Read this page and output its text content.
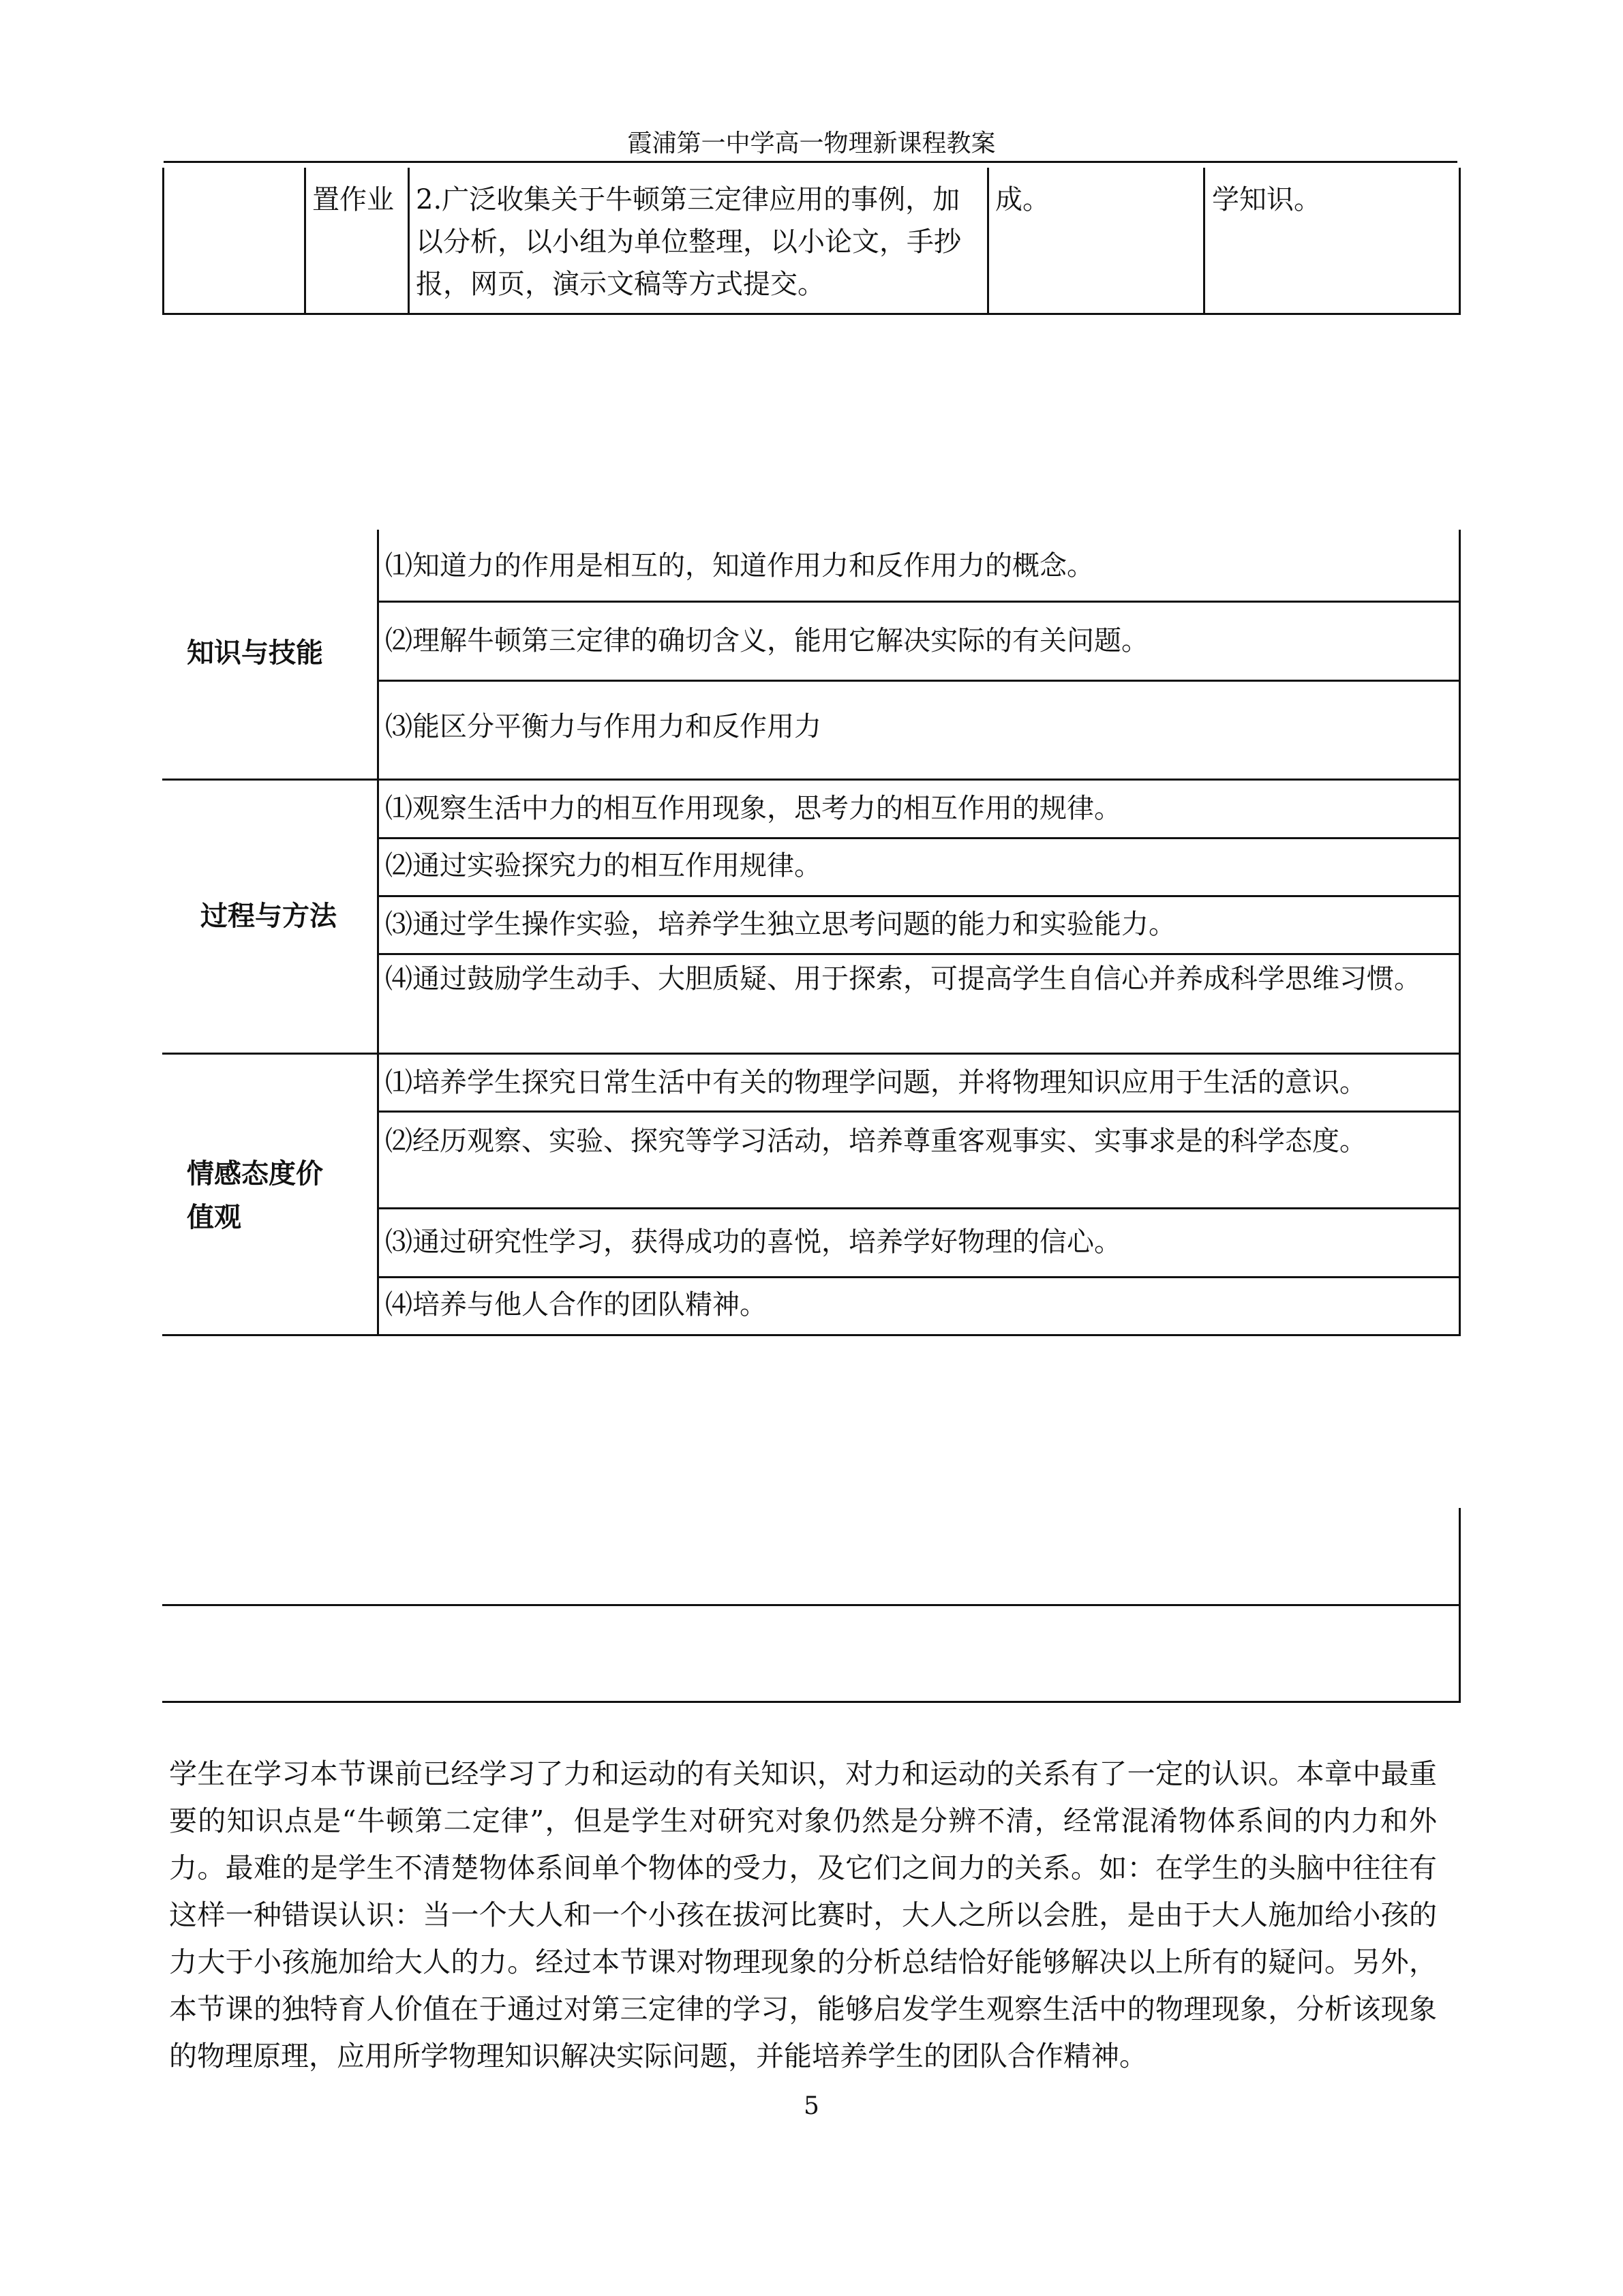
霞浦第一中学高一物理新课程教案
置作业 2.广泛收集关于牛顿第三定律应用的事例，加以分析，以小组为单位整理，以小论文，手抄报，网页，演示文稿等方式提交。
成。	学知识。
知识与技能
过程与方法
情感态度价值观
⑴知道力的作用是相互的，知道作用力和反作用力的概念。
⑵理解牛顿第三定律的确切含义，能用它解决实际的有关问题。
⑶能区分平衡力与作用力和反作用力
⑴观察生活中力的相互作用现象，思考力的相互作用的规律。
⑵通过实验探究力的相互作用规律。
⑶通过学生操作实验，培养学生独立思考问题的能力和实验能力。
⑷通过鼓励学生动手、大胆质疑、用于探索，可提高学生自信心并养成科学思维习惯。
⑴培养学生探究日常生活中有关的物理学问题，并将物理知识应用于生活的意识。
⑵经历观察、实验、探究等学习活动，培养尊重客观事实、实事求是的科学态度。
⑶通过研究性学习，获得成功的喜悦，培养学好物理的信心。
⑷培养与他人合作的团队精神。
学生在学习本节课前已经学习了力和运动的有关知识，对力和运动的关系有了一定的认识。本章中最重要的知识点是“牛顿第二定律”，但是学生对研究对象仍然是分辨不清，经常混淆物体系间的内力和外力。最难的是学生不清楚物体系间单个物体的受力，及它们之间力的关系。如：在学生的头脑中往往有这样一种错误认识：当一个大人和一个小孩在拔河比赛时，大人之所以会胜，是由于大人施加给小孩的力大于小孩施加给大人的力。经过本节课对物理现象的分析总结恰好能够解决以上所有的疑问。另外，本节课的独特育人价值在于通过对第三定律的学习，能够启发学生观察生活中的物理现象，分析该现象的物理原理，应用所学物理知识解决实际问题，并能培养学生的团队合作精神。
5
